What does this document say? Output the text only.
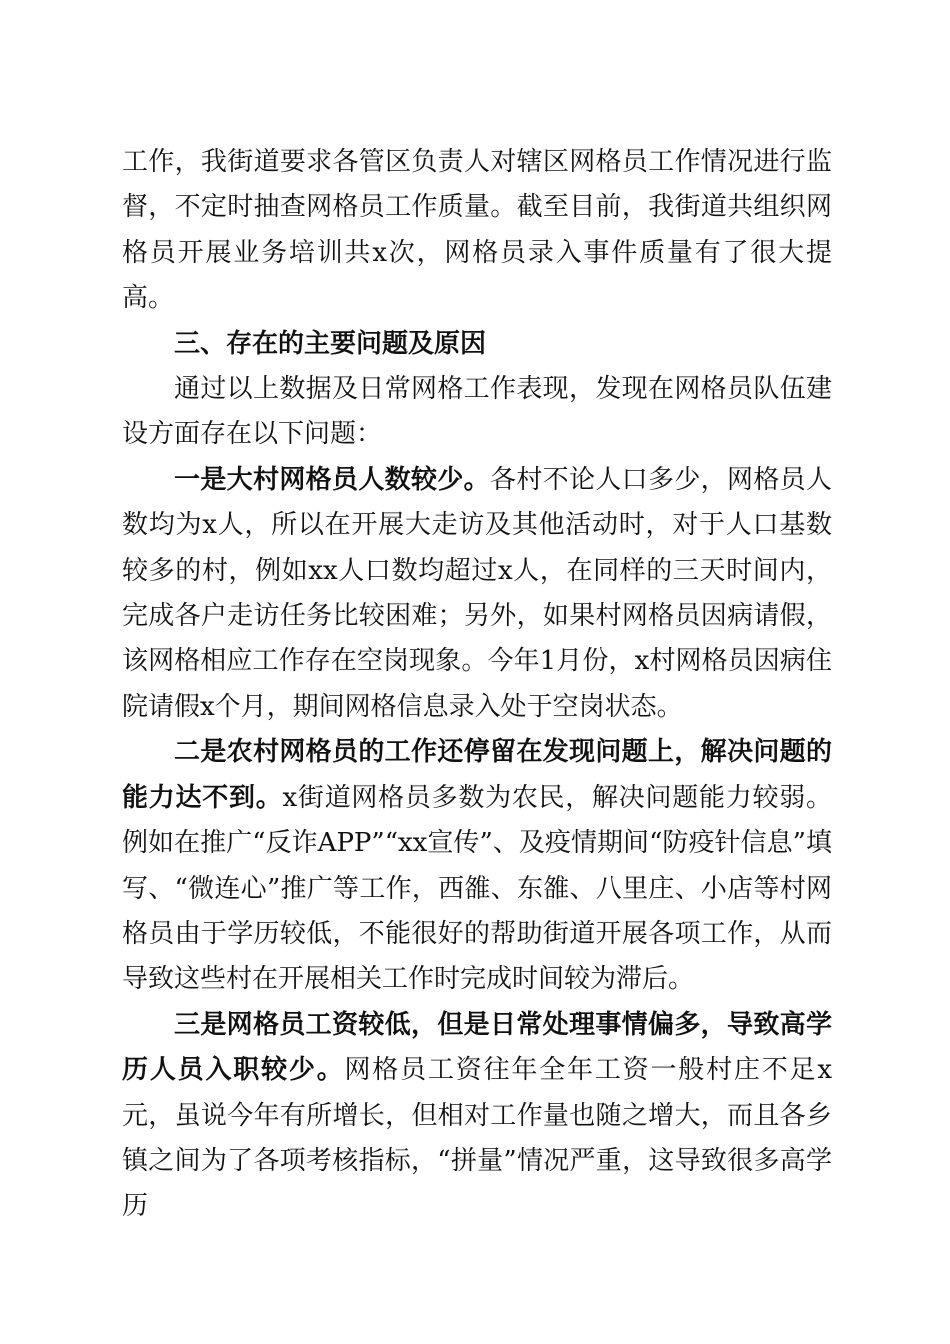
工作，我街道要求各管区负责人对辖区网格员工作情况进行监督，不定时抽查网格员工作质量。截至目前，我街道共组织网格员开展业务培训共x次，网格员录入事件质量有了很大提高。

三、存在的主要问题及原因

通过以上数据及日常网格工作表现，发现在网格员队伍建设方面存在以下问题：

一是大村网格员人数较少。各村不论人口多少，网格员人数均为x人，所以在开展大走访及其他活动时，对于人口基数较多的村，例如xx人口数均超过x人，在同样的三天时间内，完成各户走访任务比较困难；另外，如果村网格员因病请假，该网格相应工作存在空岗现象。今年1月份，x村网格员因病住院请假x个月，期间网格信息录入处于空岗状态。

二是农村网格员的工作还停留在发现问题上，解决问题的能力达不到。x街道网格员多数为农民，解决问题能力较弱。例如在推广“反诈APP”“xx宣传”、及疫情期间“防疫针信息”填写、“微连心”推广等工作，西雒、东雒、八里庄、小店等村网格员由于学历较低，不能很好的帮助街道开展各项工作，从而导致这些村在开展相关工作时完成时间较为滞后。

三是网格员工资较低，但是日常处理事情偏多，导致高学历人员入职较少。网格员工资往年全年工资一般村庄不足x元，虽说今年有所增长，但相对工作量也随之增大，而且各乡镇之间为了各项考核指标，“拼量”情况严重，这导致很多高学历
